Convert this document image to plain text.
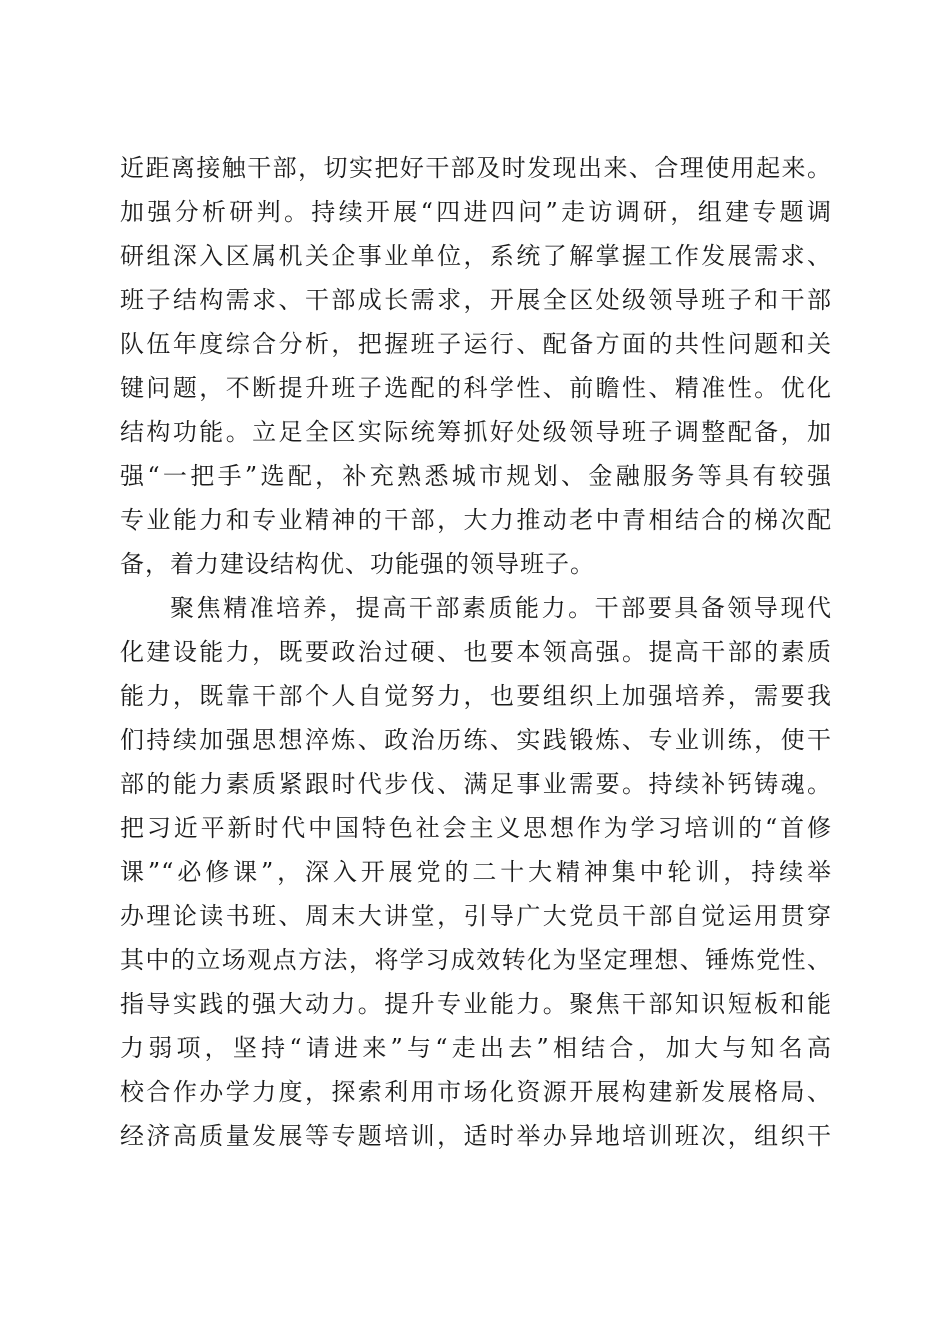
近距离接触干部，切实把好干部及时发现出来、合理使用起来。
加强分析研判。持续开展“四进四问”走访调研，组建专题调
研组深入区属机关企事业单位，系统了解掌握工作发展需求、
班子结构需求、干部成长需求，开展全区处级领导班子和干部
队伍年度综合分析，把握班子运行、配备方面的共性问题和关
键问题，不断提升班子选配的科学性、前瞻性、精准性。优化
结构功能。立足全区实际统筹抓好处级领导班子调整配备，加
强“一把手”选配，补充熟悉城市规划、金融服务等具有较强
专业能力和专业精神的干部，大力推动老中青相结合的梯次配
备，着力建设结构优、功能强的领导班子。
聚焦精准培养，提高干部素质能力。干部要具备领导现代
化建设能力，既要政治过硬、也要本领高强。提高干部的素质
能力，既靠干部个人自觉努力，也要组织上加强培养，需要我
们持续加强思想淬炼、政治历练、实践锻炼、专业训练，使干
部的能力素质紧跟时代步伐、满足事业需要。持续补钙铸魂。
把习近平新时代中国特色社会主义思想作为学习培训的“首修
课”“必修课”，深入开展党的二十大精神集中轮训，持续举
办理论读书班、周末大讲堂，引导广大党员干部自觉运用贯穿
其中的立场观点方法，将学习成效转化为坚定理想、锤炼党性、
指导实践的强大动力。提升专业能力。聚焦干部知识短板和能
力弱项，坚持“请进来”与“走出去”相结合，加大与知名高
校合作办学力度，探索利用市场化资源开展构建新发展格局、
经济高质量发展等专题培训，适时举办异地培训班次，组织干
